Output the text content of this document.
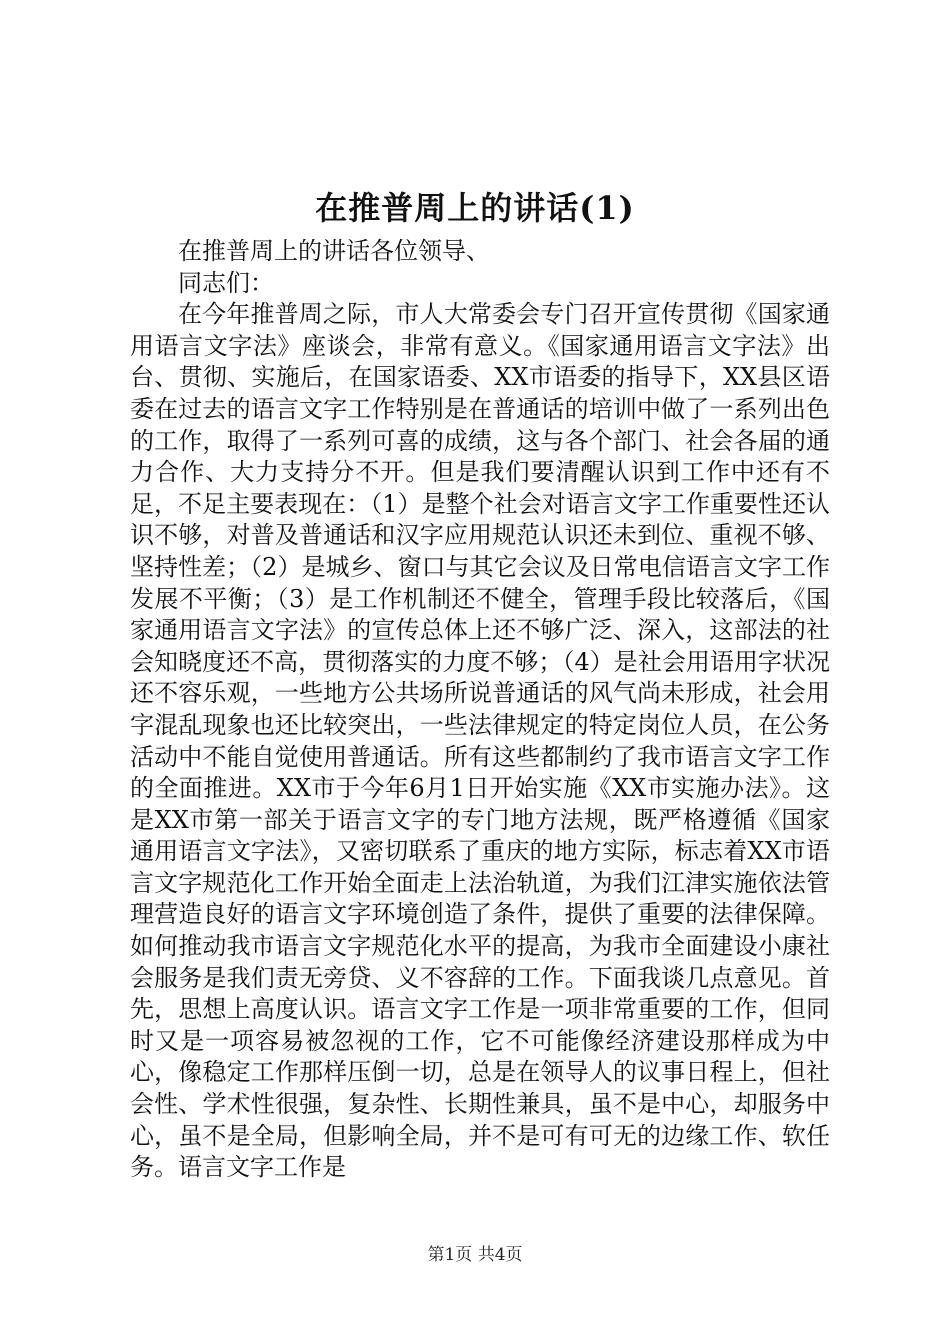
在推普周上的讲话(1)

在推普周上的讲话各位领导、

同志们：

在今年推普周之际，市人大常委会专门召开宣传贯彻《国家通用语言文字法》座谈会，非常有意义。《国家通用语言文字法》出台、贯彻、实施后，在国家语委、XX市语委的指导下，XX县区语委在过去的语言文字工作特别是在普通话的培训中做了一系列出色的工作，取得了一系列可喜的成绩，这与各个部门、社会各届的通力合作、大力支持分不开。但是我们要清醒认识到工作中还有不足，不足主要表现在：（1）是整个社会对语言文字工作重要性还认识不够，对普及普通话和汉字应用规范认识还未到位、重视不够、坚持性差；（2）是城乡、窗口与其它会议及日常电信语言文字工作发展不平衡；（3）是工作机制还不健全，管理手段比较落后，《国家通用语言文字法》的宣传总体上还不够广泛、深入，这部法的社会知晓度还不高，贯彻落实的力度不够；（4）是社会用语用字状况还不容乐观，一些地方公共场所说普通话的风气尚未形成，社会用字混乱现象也还比较突出，一些法律规定的特定岗位人员，在公务活动中不能自觉使用普通话。所有这些都制约了我市语言文字工作的全面推进。XX市于今年6月1日开始实施《XX市实施办法》。这是XX市第一部关于语言文字的专门地方法规，既严格遵循《国家通用语言文字法》，又密切联系了重庆的地方实际，标志着XX市语言文字规范化工作开始全面走上法治轨道，为我们江津实施依法管理营造良好的语言文字环境创造了条件，提供了重要的法律保障。如何推动我市语言文字规范化水平的提高，为我市全面建设小康社会服务是我们责无旁贷、义不容辞的工作。下面我谈几点意见。首先，思想上高度认识。语言文字工作是一项非常重要的工作，但同时又是一项容易被忽视的工作，它不可能像经济建设那样成为中心，像稳定工作那样压倒一切，总是在领导人的议事日程上，但社会性、学术性很强，复杂性、长期性兼具，虽不是中心，却服务中心，虽不是全局，但影响全局，并不是可有可无的边缘工作、软任务。语言文字工作是

第1页 共4页
